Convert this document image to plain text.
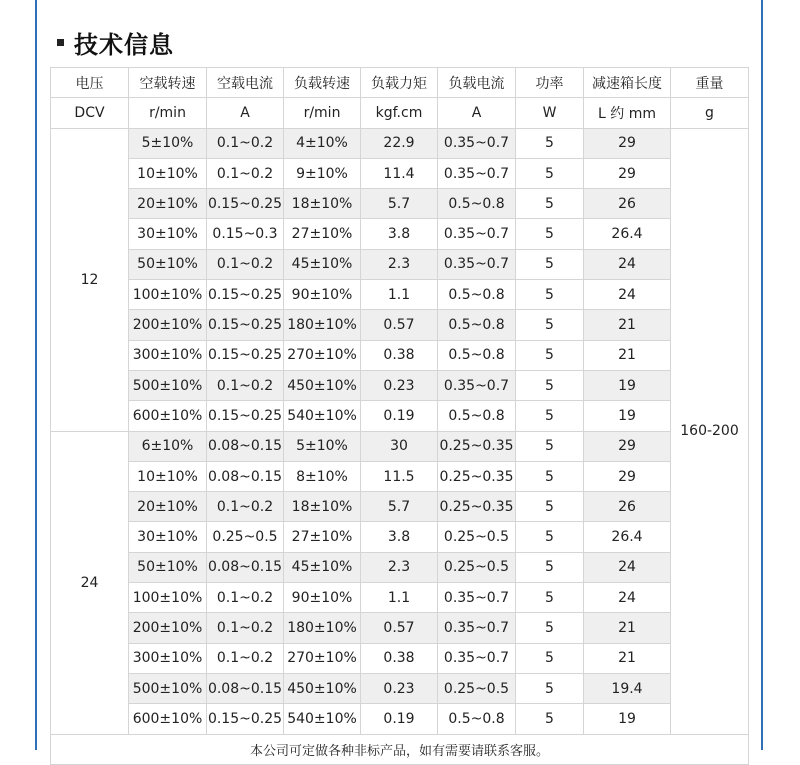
技术信息
电压	空载转速	空载电流	负载转速	负载力矩	负载电流	功率	减速箱长度	重量
DCV	r/min	A	r/min	kgf.cm	A	W	L 约 mm	g
12	5±10%	0.1~0.2	4±10%	22.9	0.35~0.7	5	29	160-200
	10±10%	0.1~0.2	9±10%	11.4	0.35~0.7	5	29	
	20±10%	0.15~0.25	18±10%	5.7	0.5~0.8	5	26	
	30±10%	0.15~0.3	27±10%	3.8	0.35~0.7	5	26.4	
	50±10%	0.1~0.2	45±10%	2.3	0.35~0.7	5	24	
	100±10%	0.15~0.25	90±10%	1.1	0.5~0.8	5	24	
	200±10%	0.15~0.25	180±10%	0.57	0.5~0.8	5	21	
	300±10%	0.15~0.25	270±10%	0.38	0.5~0.8	5	21	
	500±10%	0.1~0.2	450±10%	0.23	0.35~0.7	5	19	
	600±10%	0.15~0.25	540±10%	0.19	0.5~0.8	5	19	
24	6±10%	0.08~0.15	5±10%	30	0.25~0.35	5	29	
	10±10%	0.08~0.15	8±10%	11.5	0.25~0.35	5	29	
	20±10%	0.1~0.2	18±10%	5.7	0.25~0.35	5	26	
	30±10%	0.25~0.5	27±10%	3.8	0.25~0.5	5	26.4	
	50±10%	0.08~0.15	45±10%	2.3	0.25~0.5	5	24	
	100±10%	0.1~0.2	90±10%	1.1	0.35~0.7	5	24	
	200±10%	0.1~0.2	180±10%	0.57	0.35~0.7	5	21	
	300±10%	0.1~0.2	270±10%	0.38	0.35~0.7	5	21	
	500±10%	0.08~0.15	450±10%	0.23	0.25~0.5	5	19.4	
	600±10%	0.15~0.25	540±10%	0.19	0.5~0.8	5	19	
本公司可定做各种非标产品，如有需要请联系客服。								
